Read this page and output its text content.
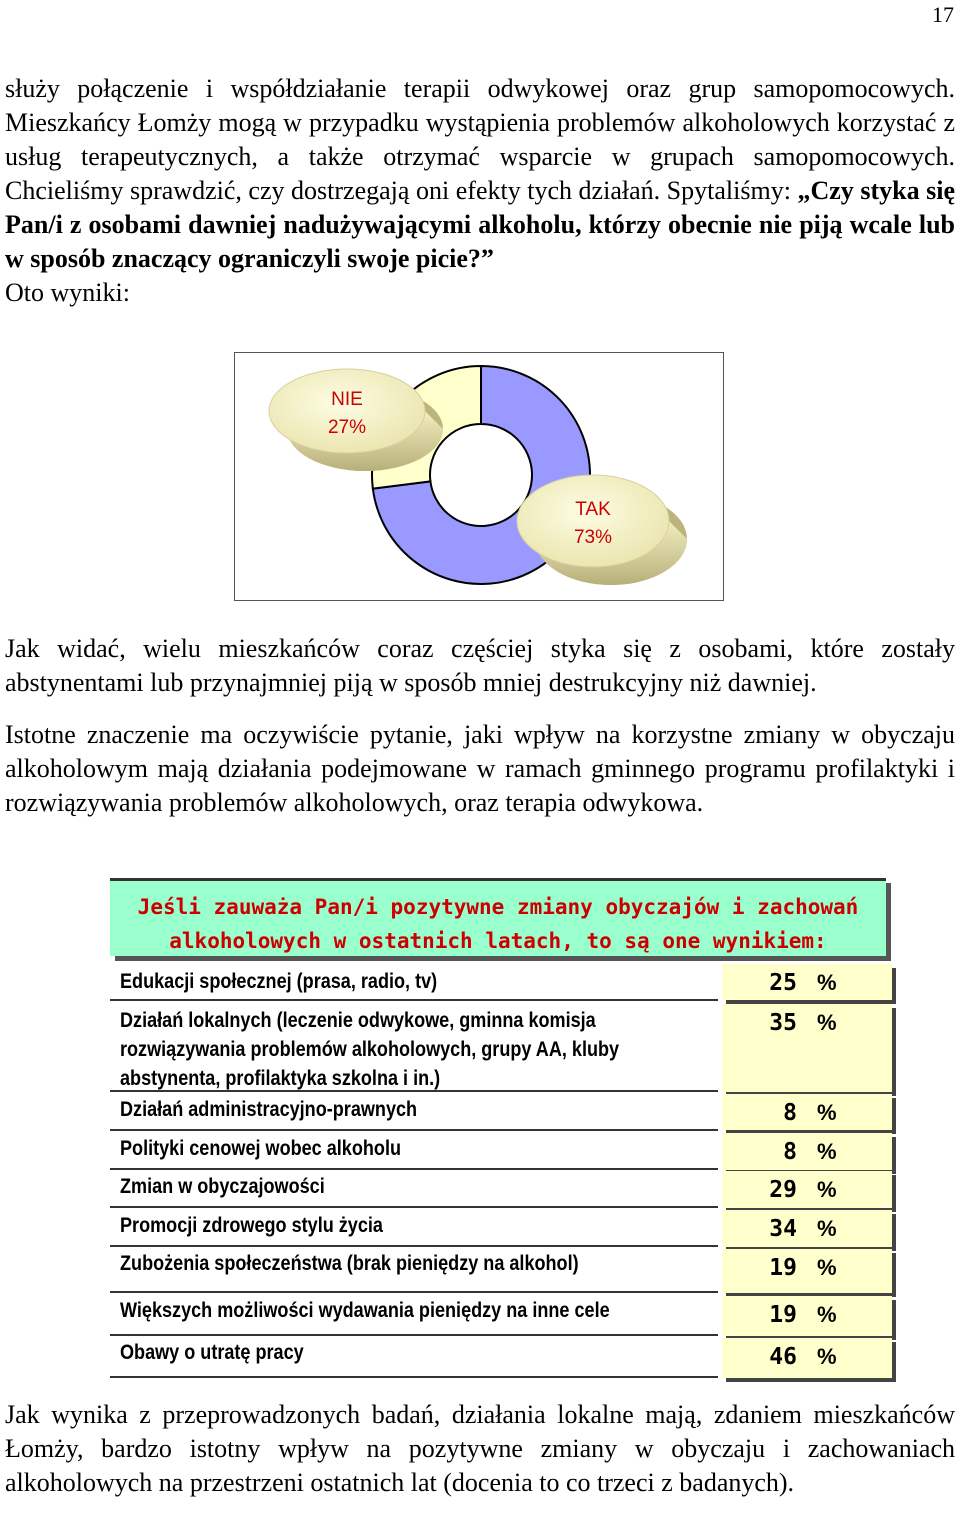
17

służy połączenie i współdziałanie terapii odwykowej oraz grup samopomocowych. Mieszkańcy Łomży mogą w przypadku wystąpienia problemów alkoholowych korzystać z usług terapeutycznych, a także otrzymać wsparcie w grupach samopomocowych. Chcieliśmy sprawdzić, czy dostrzegają oni efekty tych działań. Spytaliśmy: „Czy styka się Pan/i z osobami dawniej nadużywającymi alkoholu, którzy obecnie nie piją wcale lub w sposób znaczący ograniczyli swoje picie?”
Oto wyniki:

NIE
27%
TAK
73%

Jak widać, wielu mieszkańców coraz częściej styka się z osobami, które zostały abstynentami lub przynajmniej piją w sposób mniej destrukcyjny niż dawniej.

Istotne znaczenie ma oczywiście pytanie, jaki wpływ na korzystne zmiany w obyczaju alkoholowym mają działania podejmowane w ramach gminnego programu profilaktyki i rozwiązywania problemów alkoholowych, oraz terapia odwykowa.

Jeśli zauważa Pan/i pozytywne zmiany obyczajów i zachowań
alkoholowych w ostatnich latach, to są one wynikiem:
25 %
Edukacji społecznej (prasa, radio, tv)
35 %
Działań lokalnych (leczenie odwykowe, gminna komisja
rozwiązywania problemów alkoholowych, grupy AA, kluby
abstynenta, profilaktyka szkolna i in.)
8 %
Działań administracyjno-prawnych
8 %
Polityki cenowej wobec alkoholu
29 %
Zmian w obyczajowości
34 %
Promocji zdrowego stylu życia
19 %
Zubożenia społeczeństwa (brak pieniędzy na alkohol)
19 %
Większych możliwości wydawania pieniędzy na inne cele
46 %
Obawy o utratę pracy

Jak wynika z przeprowadzonych badań, działania lokalne mają, zdaniem mieszkańców Łomży, bardzo istotny wpływ na pozytywne zmiany w obyczaju i zachowaniach alkoholowych na przestrzeni ostatnich lat (docenia to co trzeci z badanych).
